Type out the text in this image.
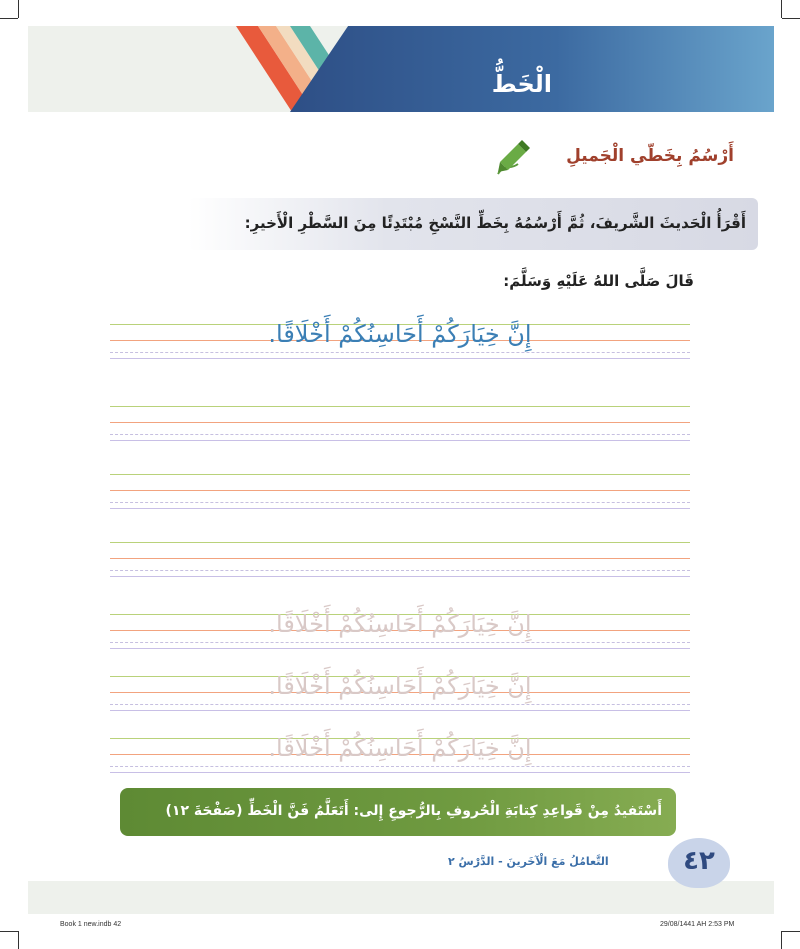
الْخَطُّ
أَرْسُمُ بِخَطّي الْجَميلِ
أَقْرَأُ الْحَديثَ الشَّريفَ، ثُمَّ أَرْسُمُهُ بِخَطِّ النَّسْخِ مُبْتَدِئًا مِنَ السَّطْرِ الْأَخيرِ:
قَالَ صَلَّى اللهُ عَلَيْهِ وَسَلَّمَ:
إِنَّ خِيَارَكُمْ أَحَاسِنُكُمْ أَخْلَاقًا.
إِنَّ خِيَارَكُمْ أَحَاسِنُكُمْ أَخْلَاقًا.
إِنَّ خِيَارَكُمْ أَحَاسِنُكُمْ أَخْلَاقًا.
إِنَّ خِيَارَكُمْ أَحَاسِنُكُمْ أَخْلَاقًا.
أَسْتَفيدُ مِنْ قَواعِدِ كِتابَةِ الْحُروفِ بِالرُّجوعِ إِلى: أَتَعَلَّمُ فَنَّ الْخَطِّ (صَفْحَةَ ١٢)
التَّعامُلُ مَعَ الْآخَرينَ - الدَّرْسُ ٢	٤٢
Book 1 new.indb 42	29/08/1441 AH 2:53 PM
